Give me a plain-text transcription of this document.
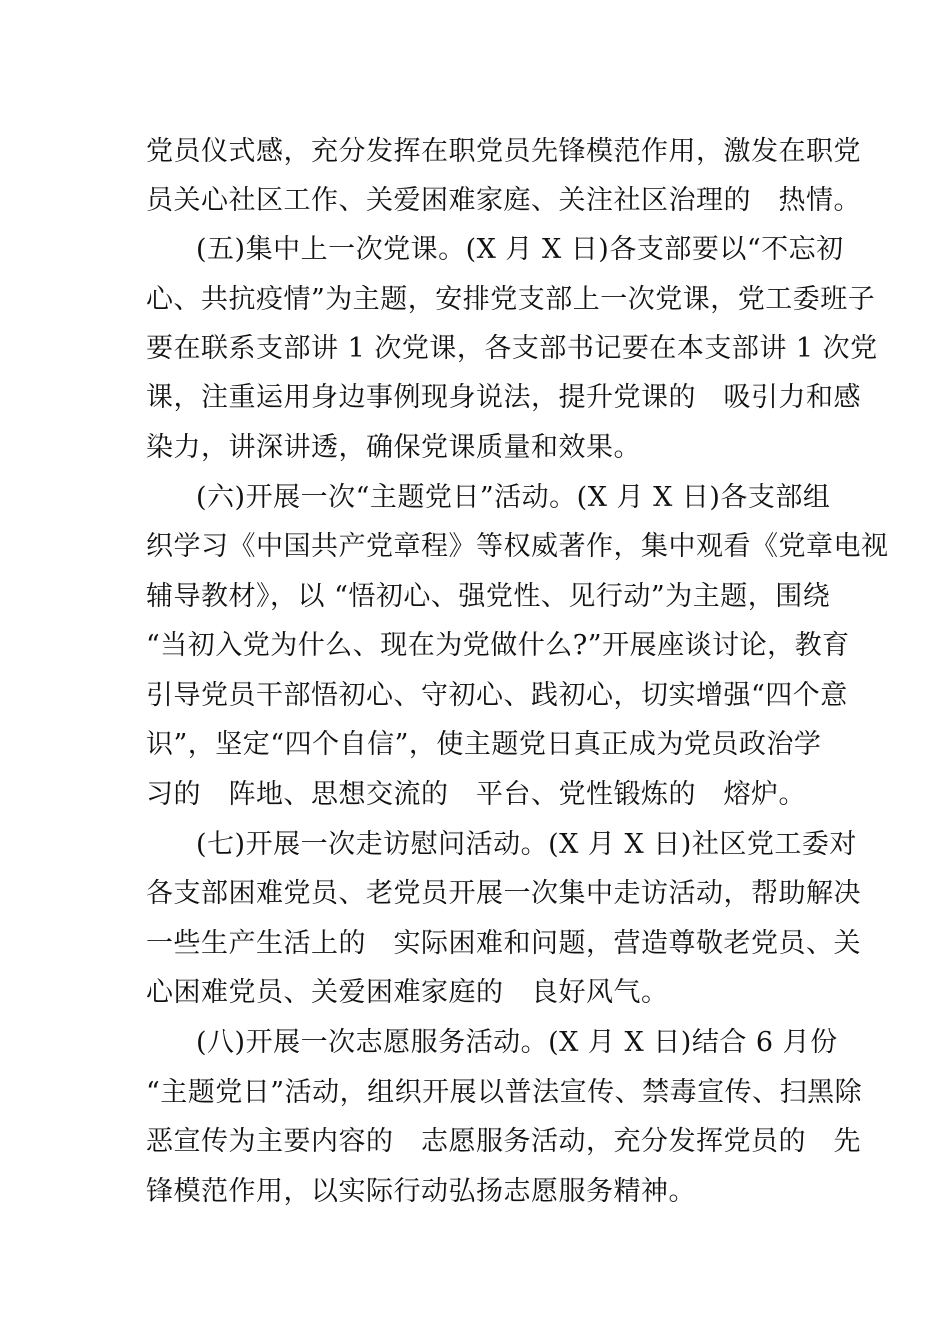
党员仪式感，充分发挥在职党员先锋模范作用，激发在职党
员关心社区工作、关爱困难家庭、关注社区治理的　热情。
(五)集中上一次党课。(X 月 X 日)各支部要以“不忘初
心、共抗疫情”为主题，安排党支部上一次党课，党工委班子
要在联系支部讲 1 次党课，各支部书记要在本支部讲 1 次党
课，注重运用身边事例现身说法，提升党课的　吸引力和感
染力，讲深讲透，确保党课质量和效果。
(六)开展一次“主题党日”活动。(X 月 X 日)各支部组
织学习《中国共产党章程》等权威著作，集中观看《党章电视
辅导教材》，以 “悟初心、强党性、见行动”为主题，围绕
“当初入党为什么、现在为党做什么?”开展座谈讨论，教育
引导党员干部悟初心、守初心、践初心，切实增强“四个意
识”，坚定“四个自信”，使主题党日真正成为党员政治学
习的　阵地、思想交流的　平台、党性锻炼的　熔炉。
(七)开展一次走访慰问活动。(X 月 X 日)社区党工委对
各支部困难党员、老党员开展一次集中走访活动，帮助解决
一些生产生活上的　实际困难和问题，营造尊敬老党员、关
心困难党员、关爱困难家庭的　良好风气。
(八)开展一次志愿服务活动。(X 月 X 日)结合 6 月份
“主题党日”活动，组织开展以普法宣传、禁毒宣传、扫黑除
恶宣传为主要内容的　志愿服务活动，充分发挥党员的　先
锋模范作用，以实际行动弘扬志愿服务精神。
